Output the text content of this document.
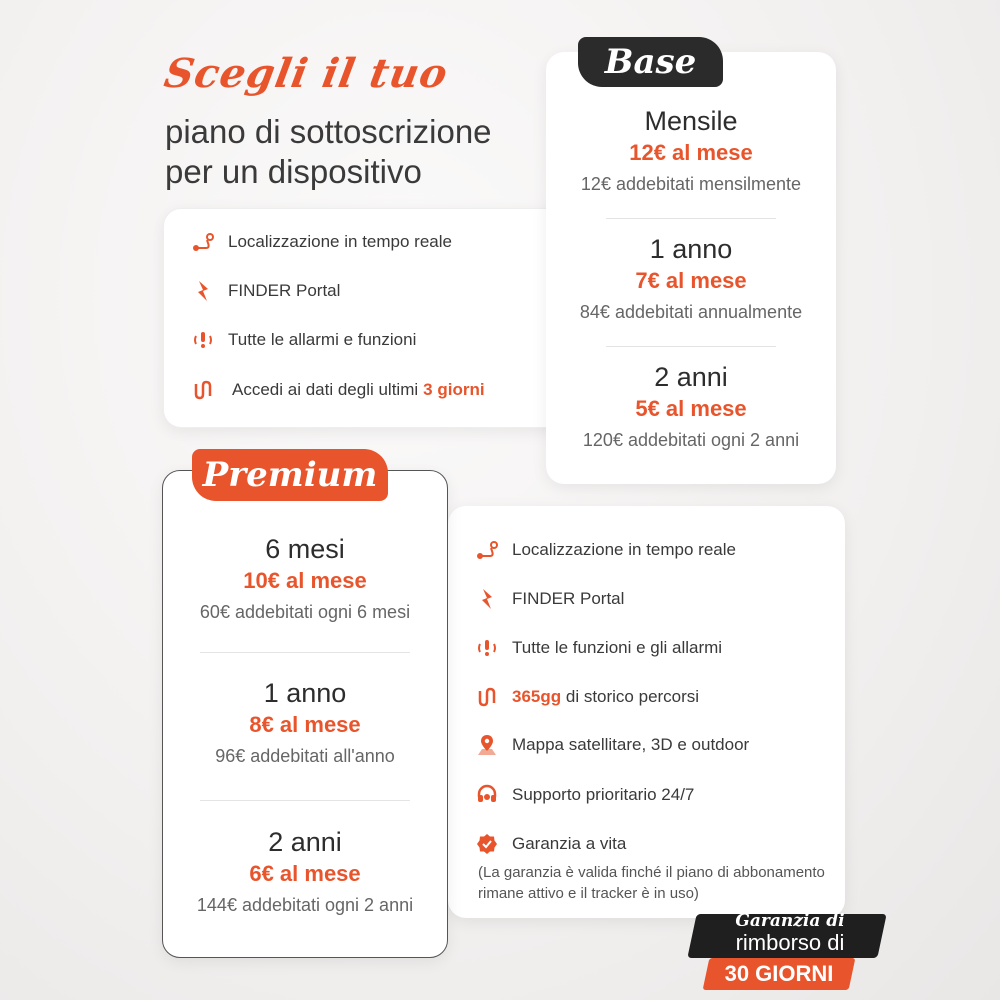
Scegli il tuo
piano di sottoscrizione
per un dispositivo
Localizzazione in tempo reale
FINDER Portal
Tutte le allarmi e funzioni
Accedi ai dati degli ultimi 3 giorni
Base
Mensile
12€ al mese
12€ addebitati mensilmente
1 anno
7€ al mese
84€ addebitati annualmente
2 anni
5€ al mese
120€ addebitati ogni 2 anni
Localizzazione in tempo reale
FINDER Portal
Tutte le funzioni e gli allarmi
365gg di storico percorsi
Mappa satellitare, 3D e outdoor
Supporto prioritario 24/7
Garanzia a vita
(La garanzia è valida finché il piano di abbonamento rimane attivo e il tracker è in uso)
Premium
6 mesi
10€ al mese
60€ addebitati ogni 6 mesi
1 anno
8€ al mese
96€ addebitati all'anno
2 anni
6€ al mese
144€ addebitati ogni 2 anni
Garanzia di
rimborso di
30 GIORNI
